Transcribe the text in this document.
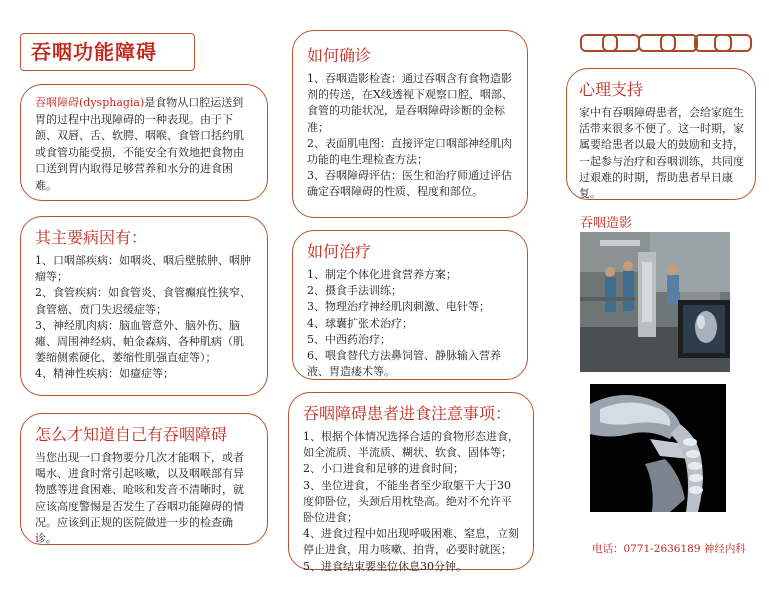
吞咽功能障碍

吞咽障碍(dysphagia)是食物从口腔运送到胃的过程中出现障碍的一种表现。由于下颌、双唇、舌、软腭、咽喉、食管口括约肌或食管功能受损，不能安全有效地把食物由口送到胃内取得足够营养和水分的进食困难。

其主要病因有：
1、口咽部疾病：如咽炎、咽后壁脓肿、咽肿瘤等；
2、食管疾病：如食管炎、食管癫痕性狭窄、食管癌、贲门失迟缓症等；
3、神经肌肉病：脑血管意外、脑外伤、脑瘫、周围神经病、帕金森病、各种肌病（肌萎缩侧索硬化、萎缩性肌强直症等）；
4、精神性疾病：如癔症等；
怎么才知道自己有吞咽障碍

当您出现一口食物要分几次才能咽下，或者喝水、进食时常引起咳嗽，以及咽喉部有异物感等进食困难、呛咳和发音不清晰时，就应该高度警惕是否发生了吞咽功能障碍的情况。应该到正规的医院做进一步的检查确诊。

如何确诊
1、吞咽造影检查：通过吞咽含有食物造影剂的传送，在X线透视下观察口腔、咽部、食管的功能状况，是吞咽障碍诊断的金标准；
2、表面肌电图：直接评定口咽部神经肌肉功能的电生理检查方法；
3、吞咽障碍评估：医生和治疗师通过评估确定吞咽障碍的性质、程度和部位。
如何治疗
1、制定个体化进食营养方案；
2、摄食手法训练；
3、物理治疗神经肌肉刺激、电针等；
4、球囊扩张术治疗；
5、中西药治疗；
6、喂食替代方法鼻饲管、静脉输入营养液、胃造瘘术等。
吞咽障碍患者进食注意事项：
1、根据个体情况选择合适的食物形态进食，如全流质、半流质、糊状、软食、固体等；
2、小口进食和足够的进食时间；
3、坐位进食，不能坐者至少取躯干大于30度仰卧位，头颈后用枕垫高。绝对不允许平卧位进食；
4、进食过程中如出现呼吸困难、窒息，立刻停止进食，用力咳嗽、拍背，必要时就医；
5、进食结束要坐位休息30分钟。
心理支持

家中有吞咽障碍患者，会给家庭生活带来很多不便了。这一时期，家属要给患者以最大的鼓励和支持，一起参与治疗和吞咽训练，共同度过艰难的时期，帮助患者早日康复。

吞咽造影
电话：0771-2636189 神经内科
